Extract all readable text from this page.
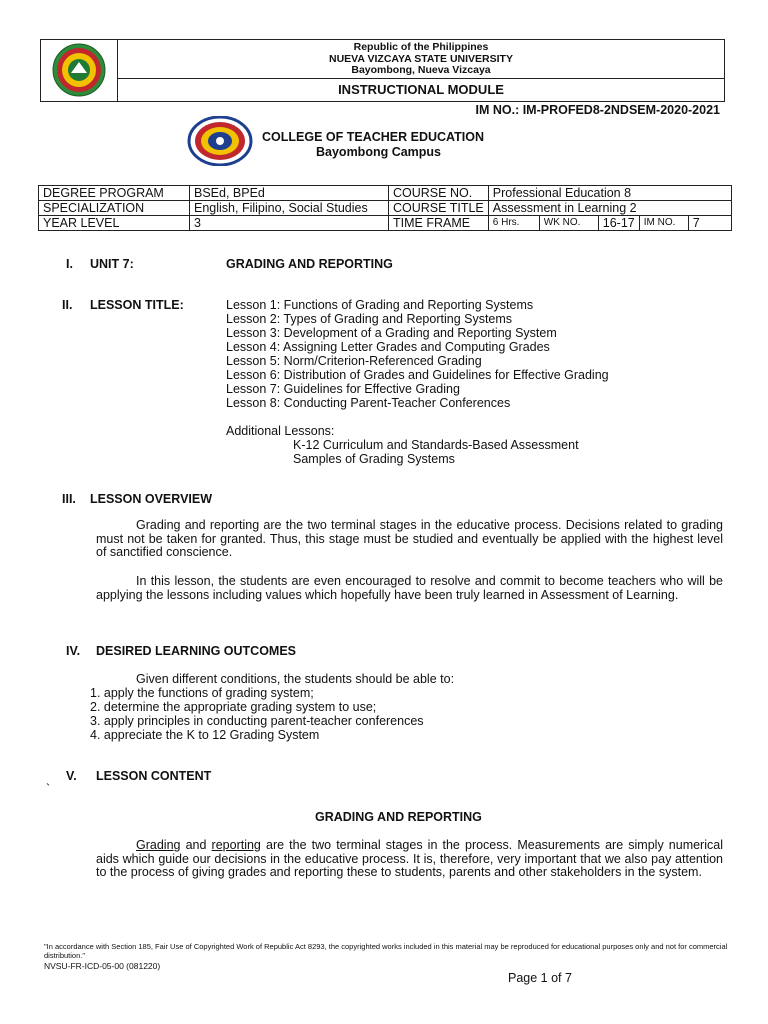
Republic of the Philippines
NUEVA VIZCAYA STATE UNIVERSITY
Bayombong, Nueva Vizcaya
INSTRUCTIONAL MODULE
IM NO.: IM-PROFED8-2NDSEM-2020-2021
COLLEGE OF TEACHER EDUCATION
Bayombong Campus
DEGREE PROGRAM	BSEd, BPEd	COURSE NO.	Professional Education 8
SPECIALIZATION	English, Filipino, Social Studies	COURSE TITLE	Assessment in Learning 2
YEAR LEVEL	3	TIME FRAME	6 Hrs. WK NO. 16-17 IM NO. 7
I. UNIT 7:	GRADING AND REPORTING
II. LESSON TITLE:	Lesson 1: Functions of Grading and Reporting Systems
Lesson 2: Types of Grading and Reporting Systems
Lesson 3: Development of a Grading and Reporting System
Lesson 4: Assigning Letter Grades and Computing Grades
Lesson 5: Norm/Criterion-Referenced Grading
Lesson 6: Distribution of Grades and Guidelines for Effective Grading
Lesson 7: Guidelines for Effective Grading
Lesson 8: Conducting Parent-Teacher Conferences
Additional Lessons:
K-12 Curriculum and Standards-Based Assessment
Samples of Grading Systems
III. LESSON OVERVIEW
Grading and reporting are the two terminal stages in the educative process. Decisions related to grading must not be taken for granted. Thus, this stage must be studied and eventually be applied with the highest level of sanctified conscience.
In this lesson, the students are even encouraged to resolve and commit to become teachers who will be applying the lessons including values which hopefully have been truly learned in Assessment of Learning.
IV. DESIRED LEARNING OUTCOMES
Given different conditions, the students should be able to:
1. apply the functions of grading system;
2. determine the appropriate grading system to use;
3. apply principles in conducting parent-teacher conferences
4. appreciate the K to 12 Grading System
V. LESSON CONTENT
`
GRADING AND REPORTING
Grading and reporting are the two terminal stages in the process. Measurements are simply numerical aids which guide our decisions in the educative process. It is, therefore, very important that we also pay attention to the process of giving grades and reporting these to students, parents and other stakeholders in the system.
"In accordance with Section 185, Fair Use of Copyrighted Work of Republic Act 8293, the copyrighted works included in this material may be reproduced for educational purposes only and not for commercial distribution."
NVSU-FR-ICD-05-00 (081220)
Page 1 of 7
